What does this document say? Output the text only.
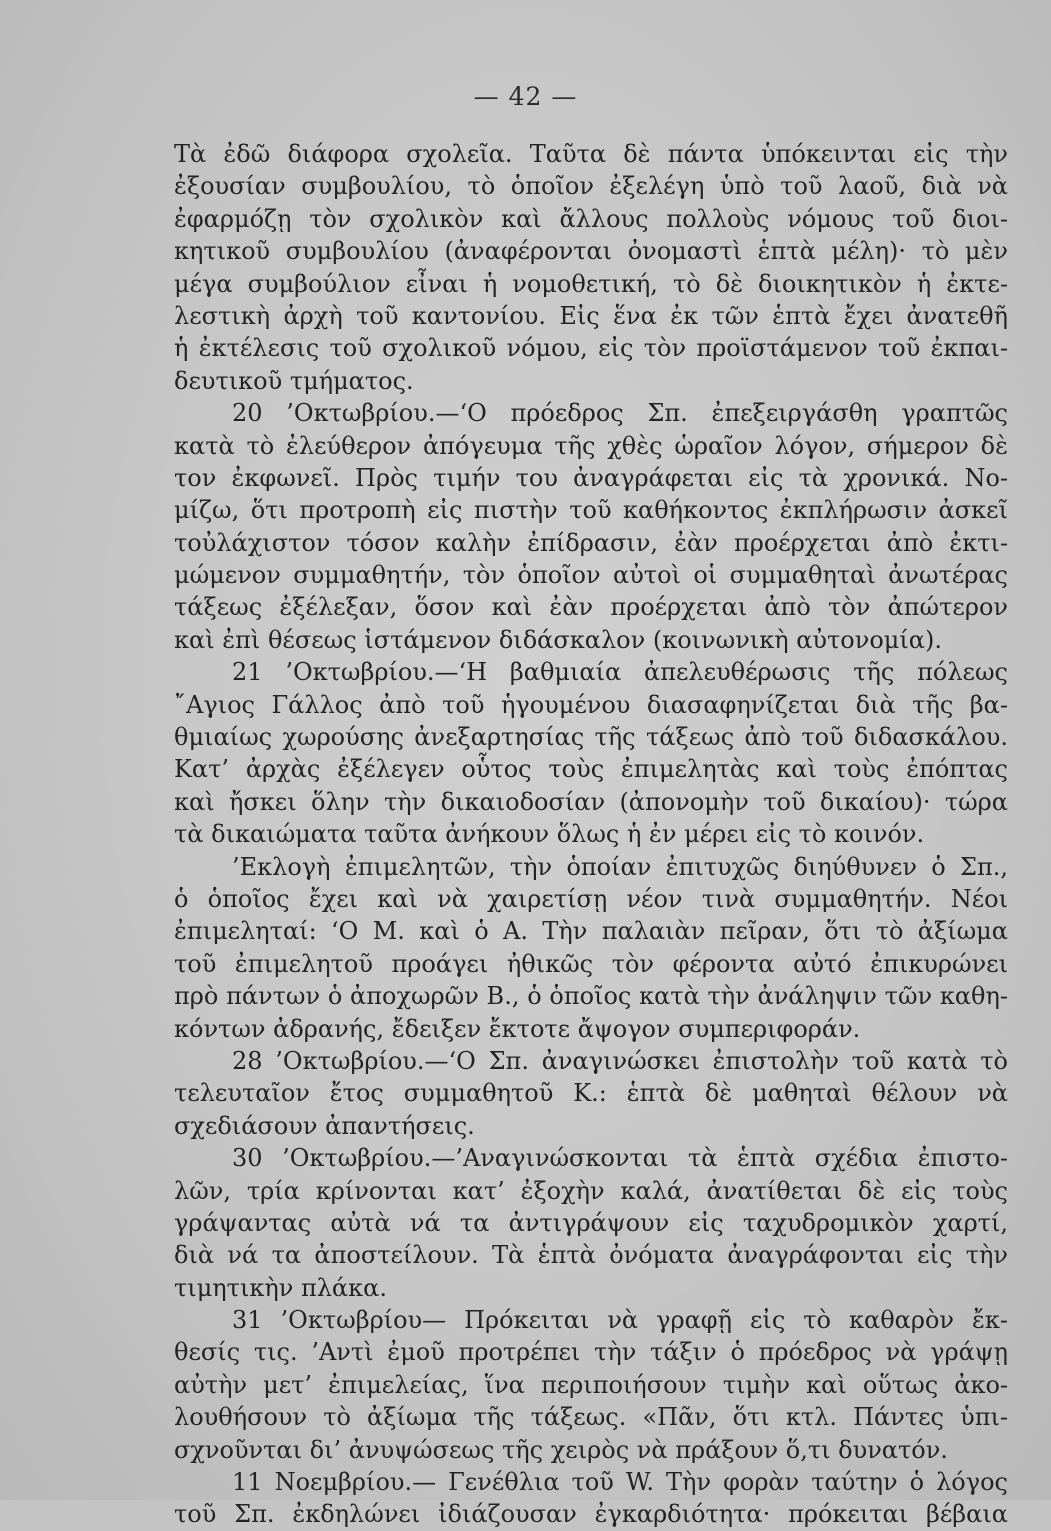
— 42 —
Τὰ ἐδῶ διάφορα σχολεῖα. Ταῦτα δὲ πάντα ὑπόκεινται εἰς τὴν
ἐξουσίαν συμβουλίου, τὸ ὁποῖον ἐξελέγη ὑπὸ τοῦ λαοῦ, διὰ νὰ
ἐφαρμόζῃ τὸν σχολικὸν καὶ ἄλλους πολλοὺς νόμους τοῦ διοι-
κητικοῦ συμβουλίου (ἀναφέρονται ὀνομαστὶ ἑπτὰ μέλη)· τὸ μὲν
μέγα συμβούλιον εἶναι ἡ νομοθετική, τὸ δὲ διοικητικὸν ἡ ἐκτε-
λεστικὴ ἀρχὴ τοῦ καντονίου. Εἰς ἕνα ἐκ τῶν ἑπτὰ ἔχει ἀνατεθῆ
ἡ ἐκτέλεσις τοῦ σχολικοῦ νόμου, εἰς τὸν προϊστάμενον τοῦ ἐκπαι-
δευτικοῦ τμήματος.
20 ’Οκτωβρίου.—‘Ο πρόεδρος Σπ. ἐπεξειργάσθη γραπτῶς
κατὰ τὸ ἐλεύθερον ἀπόγευμα τῆς χθὲς ὡραῖον λόγον, σήμερον δὲ
τον ἐκφωνεῖ. Πρὸς τιμήν του ἀναγράφεται εἰς τὰ χρονικά. Νο-
μίζω, ὅτι προτροπὴ εἰς πιστὴν τοῦ καθήκοντος ἐκπλήρωσιν ἀσκεῖ
τοὐλάχιστον τόσον καλὴν ἐπίδρασιν, ἐὰν προέρχεται ἀπὸ ἐκτι-
μώμενον συμμαθητήν, τὸν ὁποῖον αὐτοὶ οἱ συμμαθηταὶ ἀνωτέρας
τάξεως ἐξέλεξαν, ὅσον καὶ ἐὰν προέρχεται ἀπὸ τὸν ἀπώτερον
καὶ ἐπὶ θέσεως ἱστάμενον διδάσκαλον (κοινωνικὴ αὐτονομία).
21 ’Οκτωβρίου.—‘Η βαθμιαία ἀπελευθέρωσις τῆς πόλεως
῎Αγιος Γάλλος ἀπὸ τοῦ ἡγουμένου διασαφηνίζεται διὰ τῆς βα-
θμιαίως χωρούσης ἀνεξαρτησίας τῆς τάξεως ἀπὸ τοῦ διδασκάλου.
Κατ’ ἀρχὰς ἐξέλεγεν οὗτος τοὺς ἐπιμελητὰς καὶ τοὺς ἐπόπτας
καὶ ἤσκει ὅλην τὴν δικαιοδοσίαν (ἀπονομὴν τοῦ δικαίου)· τώρα
τὰ δικαιώματα ταῦτα ἀνήκουν ὅλως ἡ ἐν μέρει εἰς τὸ κοινόν.
’Εκλογὴ ἐπιμελητῶν, τὴν ὁποίαν ἐπιτυχῶς διηύθυνεν ὁ Σπ.,
ὁ ὁποῖος ἔχει καὶ νὰ χαιρετίσῃ νέον τινὰ συμμαθητήν. Νέοι
ἐπιμεληταί: ‘Ο Μ. καὶ ὁ Α. Τὴν παλαιὰν πεῖραν, ὅτι τὸ ἀξίωμα
τοῦ ἐπιμελητοῦ προάγει ἠθικῶς τὸν φέροντα αὐτό ἐπικυρώνει
πρὸ πάντων ὁ ἀποχωρῶν Β., ὁ ὁποῖος κατὰ τὴν ἀνάληψιν τῶν καθη-
κόντων ἀδρανής, ἔδειξεν ἔκτοτε ἄψογον συμπεριφοράν.
28 ’Οκτωβρίου.—‘Ο Σπ. ἀναγινώσκει ἐπιστολὴν τοῦ κατὰ τὸ
τελευταῖον ἔτος συμμαθητοῦ Κ.: ἑπτὰ δὲ μαθηταὶ θέλουν νὰ
σχεδιάσουν ἀπαντήσεις.
30 ’Οκτωβρίου.—’Αναγινώσκονται τὰ ἑπτὰ σχέδια ἐπιστο-
λῶν, τρία κρίνονται κατ’ ἐξοχὴν καλά, ἀνατίθεται δὲ εἰς τοὺς
γράψαντας αὐτὰ νά τα ἀντιγράψουν εἰς ταχυδρομικὸν χαρτί,
διὰ νά τα ἀποστείλουν. Τὰ ἑπτὰ ὀνόματα ἀναγράφονται εἰς τὴν
τιμητικὴν πλάκα.
31 ’Οκτωβρίου— Πρόκειται νὰ γραφῇ εἰς τὸ καθαρὸν ἔκ-
θεσίς τις. ’Αντὶ ἐμοῦ προτρέπει τὴν τάξιν ὁ πρόεδρος νὰ γράψῃ
αὐτὴν μετ’ ἐπιμελείας, ἵνα περιποιήσουν τιμὴν καὶ οὕτως ἀκο-
λουθήσουν τὸ ἀξίωμα τῆς τάξεως. «Πᾶν, ὅτι κτλ. Πάντες ὑπι-
σχνοῦνται δι’ ἀνυψώσεως τῆς χειρὸς νὰ πράξουν ὅ,τι δυνατόν.
11 Νοεμβρίου.— Γενέθλια τοῦ W. Τὴν φορὰν ταύτην ὁ λόγος
τοῦ Σπ. ἐκδηλώνει ἰδιάζουσαν ἐγκαρδιότητα· πρόκειται βέβαια
